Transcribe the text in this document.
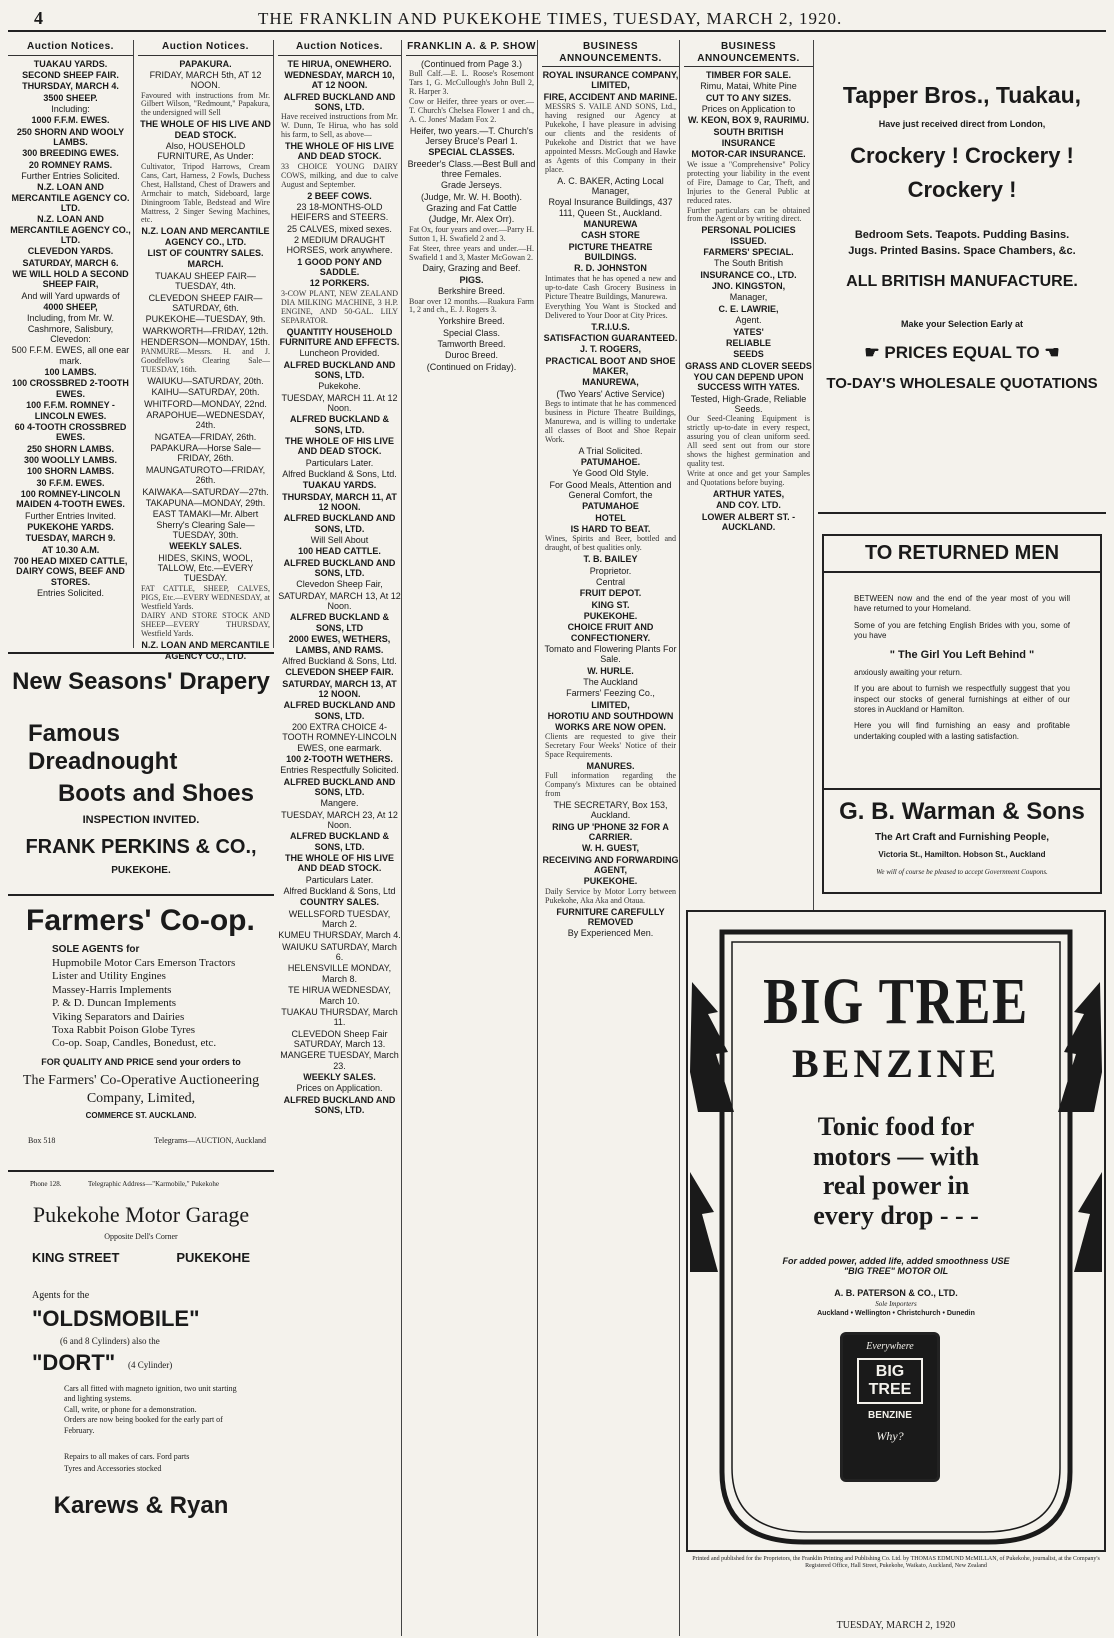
4	THE FRANKLIN AND PUKEKOHE TIMES, TUESDAY, MARCH 2, 1920.

Auction Notices.

TUAKAU YARDS.

SECOND SHEEP FAIR.

THURSDAY, MARCH 4.

3500 SHEEP.

Including:

1000 F.F.M. EWES.

250 SHORN AND WOOLY LAMBS.

300 BREEDING EWES.

20 ROMNEY RAMS.

Further Entries Solicited.

N.Z. LOAN AND MERCANTILE AGENCY CO. LTD.

N.Z. LOAN AND MERCANTILE AGENCY CO., LTD.

CLEVEDON YARDS.

SATURDAY, MARCH 6.

WE WILL HOLD A SECOND SHEEP FAIR,

And will Yard upwards of

4000 SHEEP,

Including, from Mr. W. Cashmore, Salisbury, Clevedon:

500 F.F.M. EWES, all one ear mark.

100 LAMBS.

100 CROSSBRED 2-TOOTH EWES.

100 F.F.M. ROMNEY - LINCOLN EWES.

60 4-TOOTH CROSSBRED EWES.

250 SHORN LAMBS.

300 WOOLLY LAMBS.

100 SHORN LAMBS.

30 F.F.M. EWES.

100 ROMNEY-LINCOLN MAIDEN 4-TOOTH EWES.

Further Entries Invited.

PUKEKOHE YARDS.

TUESDAY, MARCH 9.

AT 10.30 A.M.

700 HEAD MIXED CATTLE, DAIRY COWS, BEEF AND STORES.

Entries Solicited.

Auction Notices.

PAPAKURA.

FRIDAY, MARCH 5th, AT 12 NOON.

Favoured with instructions from Mr. Gilbert Wilson, "Redmount," Papakura, the undersigned will Sell

THE WHOLE OF HIS LIVE AND DEAD STOCK.

Also, HOUSEHOLD FURNITURE, As Under:

Cultivator, Tripod Harrows, Cream Cans, Cart, Harness, 2 Fowls, Duchess Chest, Hallstand, Chest of Drawers and Armchair to match, Sideboard, large Diningroom Table, Bedstead and Wire Mattress, 2 Singer Sewing Machines, etc.

N.Z. LOAN AND MERCANTILE AGENCY CO., LTD.

LIST OF COUNTRY SALES.

MARCH.

TUAKAU SHEEP FAIR—TUESDAY, 4th.

CLEVEDON SHEEP FAIR—SATURDAY, 6th.

PUKEKOHE—TUESDAY, 9th.

WARKWORTH—FRIDAY, 12th.

HENDERSON—MONDAY, 15th.

PANMURE—Messrs. H. and J. Goodfellow's Clearing Sale—TUESDAY, 16th.

WAIUKU—SATURDAY, 20th.

KAIHU—SATURDAY, 20th.

WHITFORD—MONDAY, 22nd.

ARAPOHUE—WEDNESDAY, 24th.

NGATEA—FRIDAY, 26th.

PAPAKURA—Horse Sale—FRIDAY, 26th.

MAUNGATUROTO—FRIDAY, 26th.

KAIWAKA—SATURDAY—27th.

TAKAPUNA—MONDAY, 29th.

EAST TAMAKI—Mr. Albert Sherry's Clearing Sale—TUESDAY, 30th.

WEEKLY SALES.

HIDES, SKINS, WOOL, TALLOW, Etc.—EVERY TUESDAY.

FAT CATTLE, SHEEP, CALVES, PIGS, Etc.—EVERY WEDNESDAY, at Westfield Yards.

DAIRY AND STORE STOCK AND SHEEP—EVERY THURSDAY, Westfield Yards.

N.Z. LOAN AND MERCANTILE AGENCY CO., LTD.

Auction Notices.

TE HIRUA, ONEWHERO.

WEDNESDAY, MARCH 10, AT 12 NOON.

ALFRED BUCKLAND AND SONS, LTD.

Have received instructions from Mr. W. Dunn, Te Hirua, who has sold his farm, to Sell, as above—

THE WHOLE OF HIS LIVE AND DEAD STOCK.

33 CHOICE YOUNG DAIRY COWS, milking, and due to calve August and September.

2 BEEF COWS.

23 18-MONTHS-OLD HEIFERS and STEERS.

25 CALVES, mixed sexes.

2 MEDIUM DRAUGHT HORSES, work anywhere.

1 GOOD PONY AND SADDLE.

12 PORKERS.

3-COW PLANT, NEW ZEALAND DIA MILKING MACHINE, 3 H.P. ENGINE, AND 50-GAL. LILY SEPARATOR.

QUANTITY HOUSEHOLD FURNITURE AND EFFECTS.

Luncheon Provided.

ALFRED BUCKLAND AND SONS, LTD.

Pukekohe.

TUESDAY, MARCH 11. At 12 Noon.

ALFRED BUCKLAND & SONS, LTD.

THE WHOLE OF HIS LIVE AND DEAD STOCK.

Particulars Later.

Alfred Buckland & Sons, Ltd.

TUAKAU YARDS.

THURSDAY, MARCH 11, AT 12 NOON.

ALFRED BUCKLAND AND SONS, LTD.

Will Sell About

100 HEAD CATTLE.

ALFRED BUCKLAND AND SONS, LTD.

Clevedon Sheep Fair,

SATURDAY, MARCH 13, At 12 Noon.

ALFRED BUCKLAND & SONS, LTD

2000 EWES, WETHERS, LAMBS, AND RAMS.

Alfred Buckland & Sons, Ltd.

CLEVEDON SHEEP FAIR.

SATURDAY, MARCH 13, AT 12 NOON.

ALFRED BUCKLAND AND SONS, LTD.

200 EXTRA CHOICE 4-TOOTH ROMNEY-LINCOLN EWES, one earmark.

100 2-TOOTH WETHERS.

Entries Respectfully Solicited.

ALFRED BUCKLAND AND SONS, LTD.

Mangere.

TUESDAY, MARCH 23, At 12 Noon.

ALFRED BUCKLAND & SONS, LTD.

THE WHOLE OF HIS LIVE AND DEAD STOCK.

Particulars Later.

Alfred Buckland & Sons, Ltd

COUNTRY SALES.

WELLSFORD TUESDAY, March 2.

KUMEU THURSDAY, March 4.

WAIUKU SATURDAY, March 6.

HELENSVILLE MONDAY, March 8.

TE HIRUA WEDNESDAY, March 10.

TUAKAU THURSDAY, March 11.

CLEVEDON Sheep Fair SATURDAY, March 13.

MANGERE TUESDAY, March 23.

WEEKLY SALES.

Prices on Application.

ALFRED BUCKLAND AND SONS, LTD.

FRANKLIN A. & P. SHOW

(Continued from Page 3.)

Bull Calf.—E. L. Roose's Rosemont Tars 1, G. McCullough's John Bull 2, R. Harper 3.

Cow or Heifer, three years or over.—T. Church's Chelsea Flower 1 and ch., A. C. Jones' Madam Fox 2.

Heifer, two years.—T. Church's Jersey Bruce's Pearl 1.

SPECIAL CLASSES.

Breeder's Class.—Best Bull and three Females.

Grade Jerseys.

(Judge, Mr. W. H. Booth).

Grazing and Fat Cattle

(Judge, Mr. Alex Orr).

Fat Ox, four years and over.—Parry H. Sutton 1, H. Swafield 2 and 3.

Fat Steer, three years and under.—H. Swafield 1 and 3, Master McGowan 2.

Dairy, Grazing and Beef.

PIGS.

Berkshire Breed.

Boar over 12 months.—Ruakura Farm 1, 2 and ch., E. J. Rogers 3.

Yorkshire Breed.

Special Class.

Tamworth Breed.

Duroc Breed.

(Continued on Friday).

BUSINESS ANNOUNCEMENTS.

ROYAL INSURANCE COMPANY, LIMITED,

FIRE, ACCIDENT AND MARINE.

MESSRS S. VAILE AND SONS, Ltd., having resigned our Agency at Pukekohe, I have pleasure in advising our clients and the residents of Pukekohe and District that we have appointed Messrs. McGough and Hawke as Agents of this Company in their place.

A. C. BAKER, Acting Local Manager,

Royal Insurance Buildings, 437 111, Queen St., Auckland.

MANUREWA

CASH STORE

PICTURE THEATRE BUILDINGS.

R. D. JOHNSTON

Intimates that he has opened a new and up-to-date Cash Grocery Business in Picture Theatre Buildings, Manurewa.

Everything You Want is Stocked and Delivered to Your Door at City Prices.

T.R.I.U.S.

SATISFACTION GUARANTEED.

J. T. ROGERS,

PRACTICAL BOOT AND SHOE MAKER,

MANUREWA,

(Two Years' Active Service)

Begs to intimate that he has commenced business in Picture Theatre Buildings, Manurewa, and is willing to undertake all classes of Boot and Shoe Repair Work.

A Trial Solicited.

PATUMAHOE.

Ye Good Old Style.

For Good Meals, Attention and General Comfort, the

PATUMAHOE

HOTEL

IS HARD TO BEAT.

Wines, Spirits and Beer, bottled and draught, of best qualities only.

T. B. BAILEY

Proprietor.

Central

FRUIT DEPOT.

KING ST.

PUKEKOHE.

CHOICE FRUIT AND CONFECTIONERY.

Tomato and Flowering Plants For Sale.

W. HURLE.

The Auckland

Farmers' Feezing Co.,

LIMITED,

HOROTIU AND SOUTHDOWN WORKS ARE NOW OPEN.

Clients are requested to give their Secretary Four Weeks' Notice of their Space Requirements.

MANURES.

Full information regarding the Company's Mixtures can be obtained from

THE SECRETARY, Box 153, Auckland.

RING UP 'PHONE 32 FOR A CARRIER.

W. H. GUEST,

RECEIVING AND FORWARDING AGENT,

PUKEKOHE.

Daily Service by Motor Lorry between Pukekohe, Aka Aka and Otaua.

FURNITURE CAREFULLY REMOVED

By Experienced Men.

BUSINESS ANNOUNCEMENTS.

TIMBER FOR SALE.

Rimu, Matai, White Pine

CUT TO ANY SIZES.

Prices on Application to

W. KEON, BOX 9, RAURIMU.

SOUTH BRITISH

INSURANCE

MOTOR-CAR INSURANCE.

We issue a "Comprehensive" Policy protecting your liability in the event of Fire, Damage to Car, Theft, and Injuries to the General Public at reduced rates.

Further particulars can be obtained from the Agent or by writing direct.

PERSONAL POLICIES ISSUED.

FARMERS' SPECIAL.

The South British

INSURANCE CO., LTD.

JNO. KINGSTON,

Manager,

C. E. LAWRIE,

Agent.

YATES'

RELIABLE

SEEDS

GRASS AND CLOVER SEEDS

YOU CAN DEPEND UPON SUCCESS WITH YATES.

Tested, High-Grade, Reliable Seeds.

Our Seed-Cleaning Equipment is strictly up-to-date in every respect, assuring you of clean uniform seed. All seed sent out from our store shows the highest germination and quality test.

Write at once and get your Samples and Quotations before buying.

ARTHUR YATES,

AND COY. LTD.

LOWER ALBERT ST. - AUCKLAND.

New Seasons' Drapery
Famous Dreadnought
Boots and Shoes
INSPECTION INVITED.
FRANK PERKINS & CO.,
PUKEKOHE.
Farmers' Co-op.
SOLE AGENTS for
Hupmobile Motor Cars Emerson Tractors
Lister and Utility Engines
Massey-Harris Implements
P. & D. Duncan Implements
Viking Separators and Dairies
Toxa Rabbit Poison Globe Tyres
Co-op. Soap, Candles, Bonedust, etc.
FOR QUALITY AND PRICE send your orders to
The Farmers' Co-Operative Auctioneering
Company, Limited,
COMMERCE ST. AUCKLAND.
Box 518	Telegrams—AUCTION, Auckland
Phone 128.	Telegraphic Address—"Karmobile," Pukekohe
Pukekohe Motor Garage
Opposite Dell's Corner
KING STREET	PUKEKOHE
Agents for the
"OLDSMOBILE"
(6 and 8 Cylinders) also the
"DORT" (4 Cylinder)
Cars all fitted with magneto ignition, two unit starting and lighting systems.
Call, write, or phone for a demonstration.
Orders are now being booked for the early part of February.
Repairs to all makes of cars. Ford parts
Tyres and Accessories stocked
Karews & Ryan
Tapper Bros., Tuakau,
Have just received direct from London,
Crockery ! Crockery !
Crockery !
Bedroom Sets. Teapots. Pudding Basins.
Jugs. Printed Basins. Space Chambers, &c.
ALL BRITISH MANUFACTURE.
Make your Selection Early at
☛ PRICES EQUAL TO ☚
TO-DAY'S WHOLESALE QUOTATIONS
TO RETURNED MEN

BETWEEN now and the end of the year most of you will have returned to your Homeland.

Some of you are fetching English Brides with you, some of you have

" The Girl You Left Behind "

anxiously awaiting your return.

If you are about to furnish we respectfully suggest that you inspect our stocks of general furnishings at either of our stores in Auckland or Hamilton.

Here you will find furnishing an easy and profitable undertaking coupled with a lasting satisfaction.

G. B. Warman & Sons
The Art Craft and Furnishing People,
Victoria St., Hamilton. Hobson St., Auckland
We will of course be pleased to accept Government Coupons.
BIG TREE
BENZINE
Tonic food for
motors — with
real power in
every drop - - -
For added power, added life, added smoothness USE "BIG TREE" MOTOR OIL
A. B. PATERSON & CO., LTD.
Sole Importers
Auckland • Wellington • Christchurch • Dunedin
Everywhere
BIG
TREE
BENZINE
Why?
Printed and published for the Proprietors, the Franklin Printing and Publishing Co. Ltd. by THOMAS EDMUND McMILLAN, of Pukekohe, journalist, at the Company's Registered Office, Hall Street, Pukekohe, Waikato, Auckland, New Zealand
TUESDAY, MARCH 2, 1920
